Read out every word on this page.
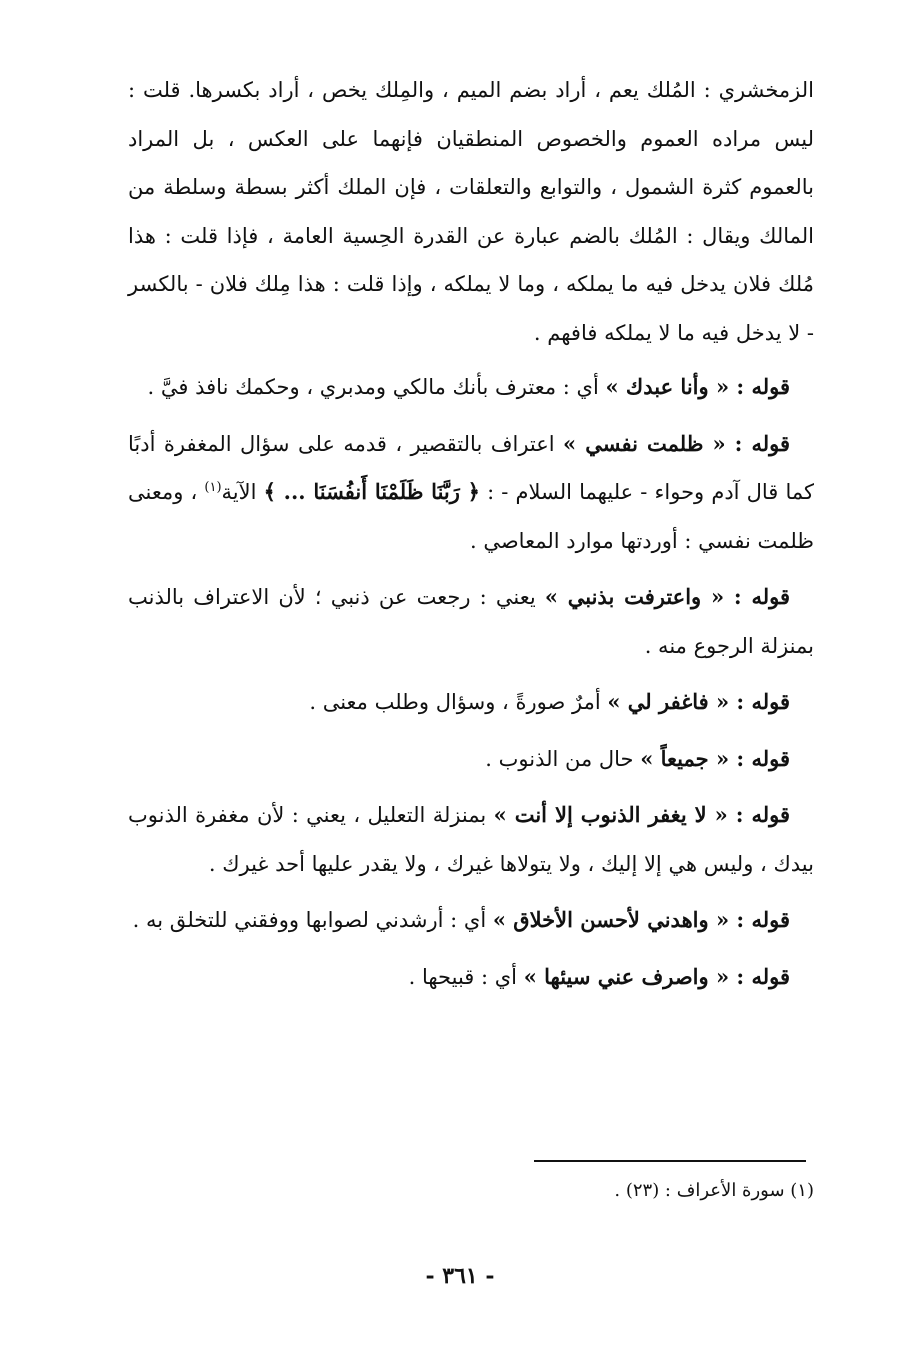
الزمخشري : المُلك يعم ، أراد بضم الميم ، والمِلك يخص ، أراد بكسرها. قلت : ليس مراده العموم والخصوص المنطقيان فإنهما على العكس ، بل المراد بالعموم كثرة الشمول ، والتوابع والتعلقات ، فإن الملك أكثر بسطة وسلطة من المالك ويقال : المُلك بالضم عبارة عن القدرة الحِسية العامة ، فإذا قلت : هذا مُلك فلان يدخل فيه ما يملكه ، وما لا يملكه ، وإذا قلت : هذا مِلك فلان - بالكسر - لا يدخل فيه ما لا يملكه فافهم .

قوله : « وأنا عبدك » أي : معترف بأنك مالكي ومدبري ، وحكمك نافذ فيَّ .

قوله : « ظلمت نفسي » اعتراف بالتقصير ، قدمه على سؤال المغفرة أدبًا كما قال آدم وحواء - عليهما السلام - : ﴿ رَبَّنَا ظَلَمْنَا أَنفُسَنَا ... ﴾ الآية$^{(١)}$ ، ومعنى ظلمت نفسي : أوردتها موارد المعاصي .

قوله : « واعترفت بذنبي » يعني : رجعت عن ذنبي ؛ لأن الاعتراف بالذنب بمنزلة الرجوع منه .

قوله : « فاغفر لي » أمرٌ صورةً ، وسؤال وطلب معنى .

قوله : « جميعاً » حال من الذنوب .

قوله : « لا يغفر الذنوب إلا أنت » بمنزلة التعليل ، يعني : لأن مغفرة الذنوب بيدك ، وليس هي إلا إليك ، ولا يتولاها غيرك ، ولا يقدر عليها أحد غيرك .

قوله : « واهدني لأحسن الأخلاق » أي : أرشدني لصوابها ووفقني للتخلق به .

قوله : « واصرف عني سيئها » أي : قبيحها .

(١) سورة الأعراف : (٢٣) .
- ٣٦١ -
